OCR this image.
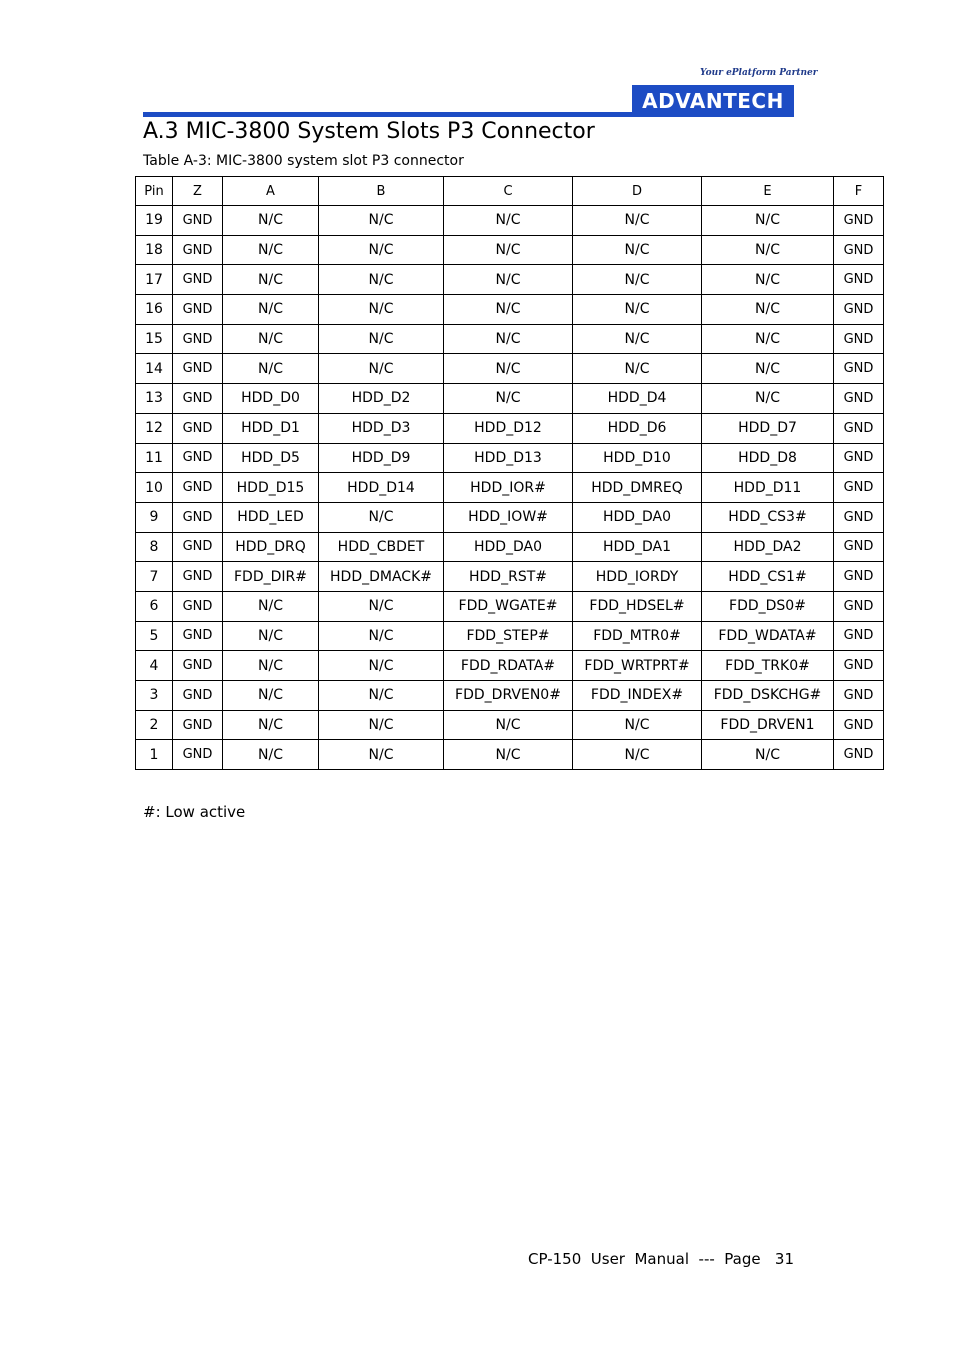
Your ePlatform Partner
ADVANTECH
A.3 MIC-3800 System Slots P3 Connector
Table A-3: MIC-3800 system slot P3 connector
Pin	Z	A	B	C	D	E	F
19	GND	N/C	N/C	N/C	N/C	N/C	GND
18	GND	N/C	N/C	N/C	N/C	N/C	GND
17	GND	N/C	N/C	N/C	N/C	N/C	GND
16	GND	N/C	N/C	N/C	N/C	N/C	GND
15	GND	N/C	N/C	N/C	N/C	N/C	GND
14	GND	N/C	N/C	N/C	N/C	N/C	GND
13	GND	HDD_D0	HDD_D2	N/C	HDD_D4	N/C	GND
12	GND	HDD_D1	HDD_D3	HDD_D12	HDD_D6	HDD_D7	GND
11	GND	HDD_D5	HDD_D9	HDD_D13	HDD_D10	HDD_D8	GND
10	GND	HDD_D15	HDD_D14	HDD_IOR#	HDD_DMREQ	HDD_D11	GND
9	GND	HDD_LED	N/C	HDD_IOW#	HDD_DA0	HDD_CS3#	GND
8	GND	HDD_DRQ	HDD_CBDET	HDD_DA0	HDD_DA1	HDD_DA2	GND
7	GND	FDD_DIR#	HDD_DMACK#	HDD_RST#	HDD_IORDY	HDD_CS1#	GND
6	GND	N/C	N/C	FDD_WGATE#	FDD_HDSEL#	FDD_DS0#	GND
5	GND	N/C	N/C	FDD_STEP#	FDD_MTR0#	FDD_WDATA#	GND
4	GND	N/C	N/C	FDD_RDATA#	FDD_WRTPRT#	FDD_TRK0#	GND
3	GND	N/C	N/C	FDD_DRVEN0#	FDD_INDEX#	FDD_DSKCHG#	GND
2	GND	N/C	N/C	N/C	N/C	FDD_DRVEN1	GND
1	GND	N/C	N/C	N/C	N/C	N/C	GND
#: Low active
CP-150  User  Manual  ---  Page   31
